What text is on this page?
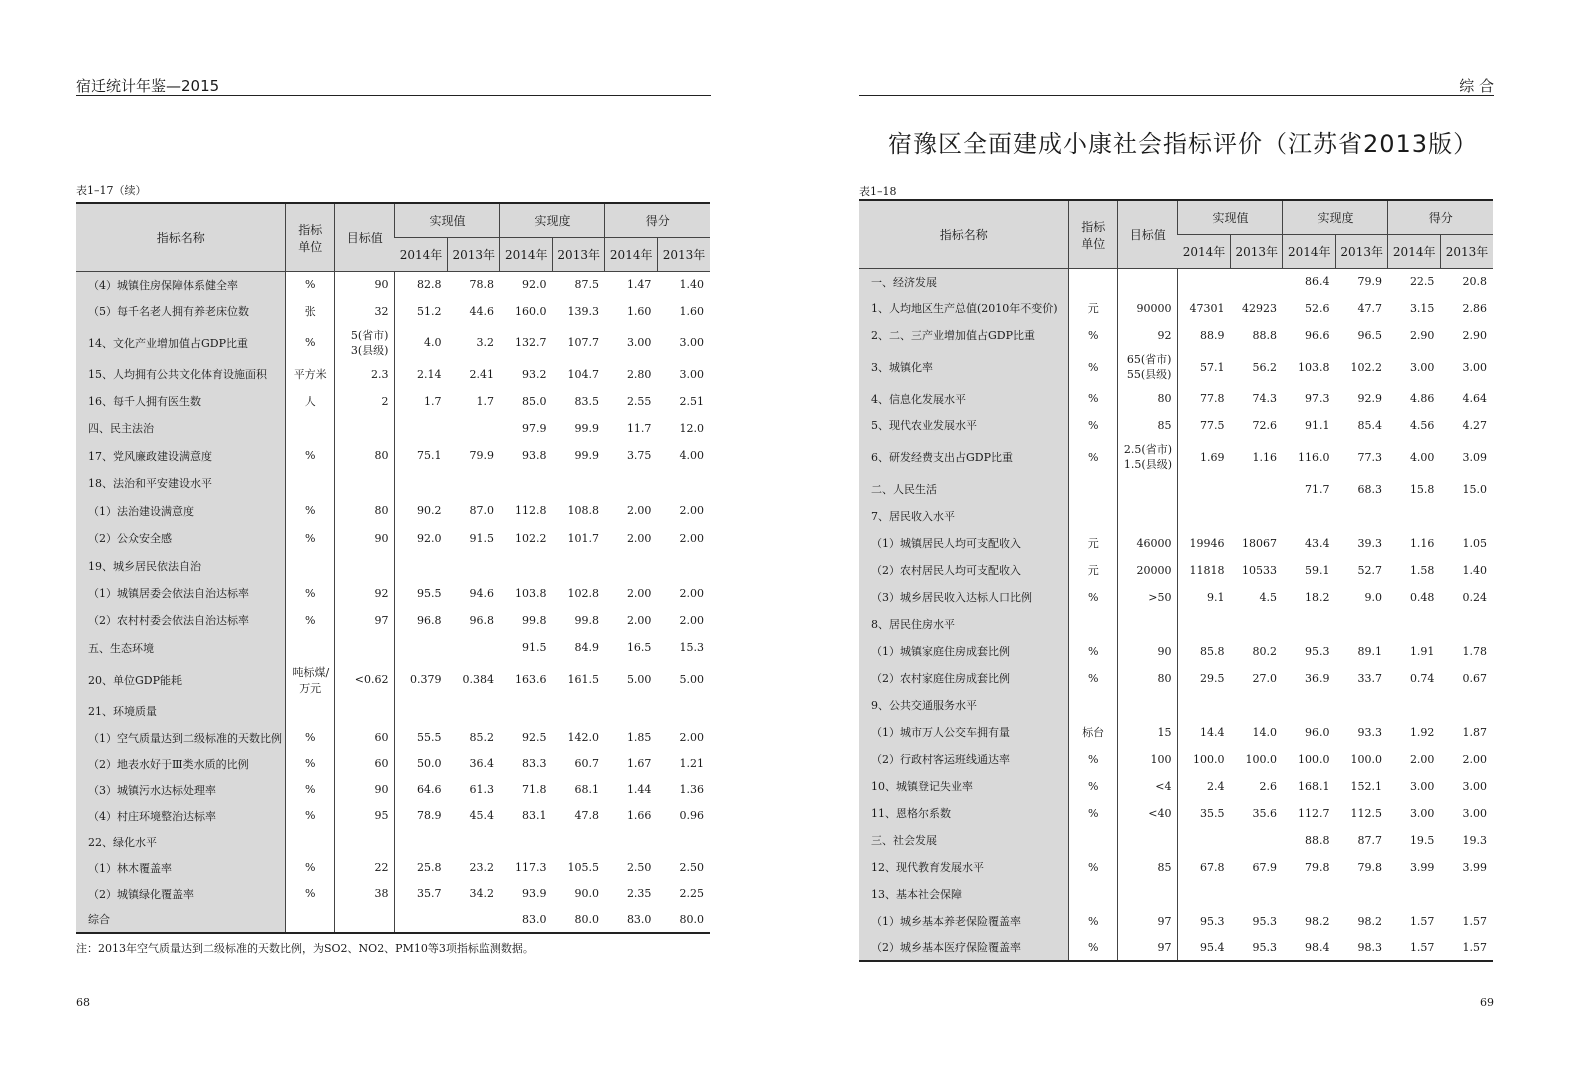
宿迁统计年鉴—2015
表1–17（续）
指标名称	指标
单位	目标值	实现值		实现度		得分	
			2014年	2013年	2014年	2013年	2014年	2013年
（4）城镇住房保障体系健全率	%	90	82.8	78.8	92.0	87.5	1.47	1.40
（5）每千名老人拥有养老床位数	张	32	51.2	44.6	160.0	139.3	1.60	1.60
14、文化产业增加值占GDP比重	%	5(省市)
3(县级)	4.0	3.2	132.7	107.7	3.00	3.00
15、人均拥有公共文化体育设施面积	平方米	2.3	2.14	2.41	93.2	104.7	2.80	3.00
16、每千人拥有医生数	人	2	1.7	1.7	85.0	83.5	2.55	2.51
四、民主法治					97.9	99.9	11.7	12.0
17、党风廉政建设满意度	%	80	75.1	79.9	93.8	99.9	3.75	4.00
18、法治和平安建设水平								
（1）法治建设满意度	%	80	90.2	87.0	112.8	108.8	2.00	2.00
（2）公众安全感	%	90	92.0	91.5	102.2	101.7	2.00	2.00
19、城乡居民依法自治								
（1）城镇居委会依法自治达标率	%	92	95.5	94.6	103.8	102.8	2.00	2.00
（2）农村村委会依法自治达标率	%	97	96.8	96.8	99.8	99.8	2.00	2.00
五、生态环境					91.5	84.9	16.5	15.3
20、单位GDP能耗	吨标煤/
万元	<0.62	0.379	0.384	163.6	161.5	5.00	5.00
21、环境质量								
（1）空气质量达到二级标准的天数比例	%	60	55.5	85.2	92.5	142.0	1.85	2.00
（2）地表水好于Ⅲ类水质的比例	%	60	50.0	36.4	83.3	60.7	1.67	1.21
（3）城镇污水达标处理率	%	90	64.6	61.3	71.8	68.1	1.44	1.36
（4）村庄环境整治达标率	%	95	78.9	45.4	83.1	47.8	1.66	0.96
22、绿化水平								
（1）林木覆盖率	%	22	25.8	23.2	117.3	105.5	2.50	2.50
（2）城镇绿化覆盖率	%	38	35.7	34.2	93.9	90.0	2.35	2.25
综合					83.0	80.0	83.0	80.0
注：2013年空气质量达到二级标准的天数比例，为SO2、NO2、PM10等3项指标监测数据。
68
综 合
宿豫区全面建成小康社会指标评价（江苏省2013版）
表1–18
指标名称	指标
单位	目标值	实现值		实现度		得分	
			2014年	2013年	2014年	2013年	2014年	2013年
一、经济发展					86.4	79.9	22.5	20.8
1、人均地区生产总值(2010年不变价)	元	90000	47301	42923	52.6	47.7	3.15	2.86
2、二、三产业增加值占GDP比重	%	92	88.9	88.8	96.6	96.5	2.90	2.90
3、城镇化率	%	65(省市)
55(县级)	57.1	56.2	103.8	102.2	3.00	3.00
4、信息化发展水平	%	80	77.8	74.3	97.3	92.9	4.86	4.64
5、现代农业发展水平	%	85	77.5	72.6	91.1	85.4	4.56	4.27
6、研发经费支出占GDP比重	%	2.5(省市)
1.5(县级)	1.69	1.16	116.0	77.3	4.00	3.09
二、人民生活					71.7	68.3	15.8	15.0
7、居民收入水平								
（1）城镇居民人均可支配收入	元	46000	19946	18067	43.4	39.3	1.16	1.05
（2）农村居民人均可支配收入	元	20000	11818	10533	59.1	52.7	1.58	1.40
（3）城乡居民收入达标人口比例	%	>50	9.1	4.5	18.2	9.0	0.48	0.24
8、居民住房水平								
（1）城镇家庭住房成套比例	%	90	85.8	80.2	95.3	89.1	1.91	1.78
（2）农村家庭住房成套比例	%	80	29.5	27.0	36.9	33.7	0.74	0.67
9、公共交通服务水平								
（1）城市万人公交车拥有量	标台	15	14.4	14.0	96.0	93.3	1.92	1.87
（2）行政村客运班线通达率	%	100	100.0	100.0	100.0	100.0	2.00	2.00
10、城镇登记失业率	%	<4	2.4	2.6	168.1	152.1	3.00	3.00
11、恩格尔系数	%	<40	35.5	35.6	112.7	112.5	3.00	3.00
三、社会发展					88.8	87.7	19.5	19.3
12、现代教育发展水平	%	85	67.8	67.9	79.8	79.8	3.99	3.99
13、基本社会保障								
（1）城乡基本养老保险覆盖率	%	97	95.3	95.3	98.2	98.2	1.57	1.57
（2）城乡基本医疗保险覆盖率	%	97	95.4	95.3	98.4	98.3	1.57	1.57
69
